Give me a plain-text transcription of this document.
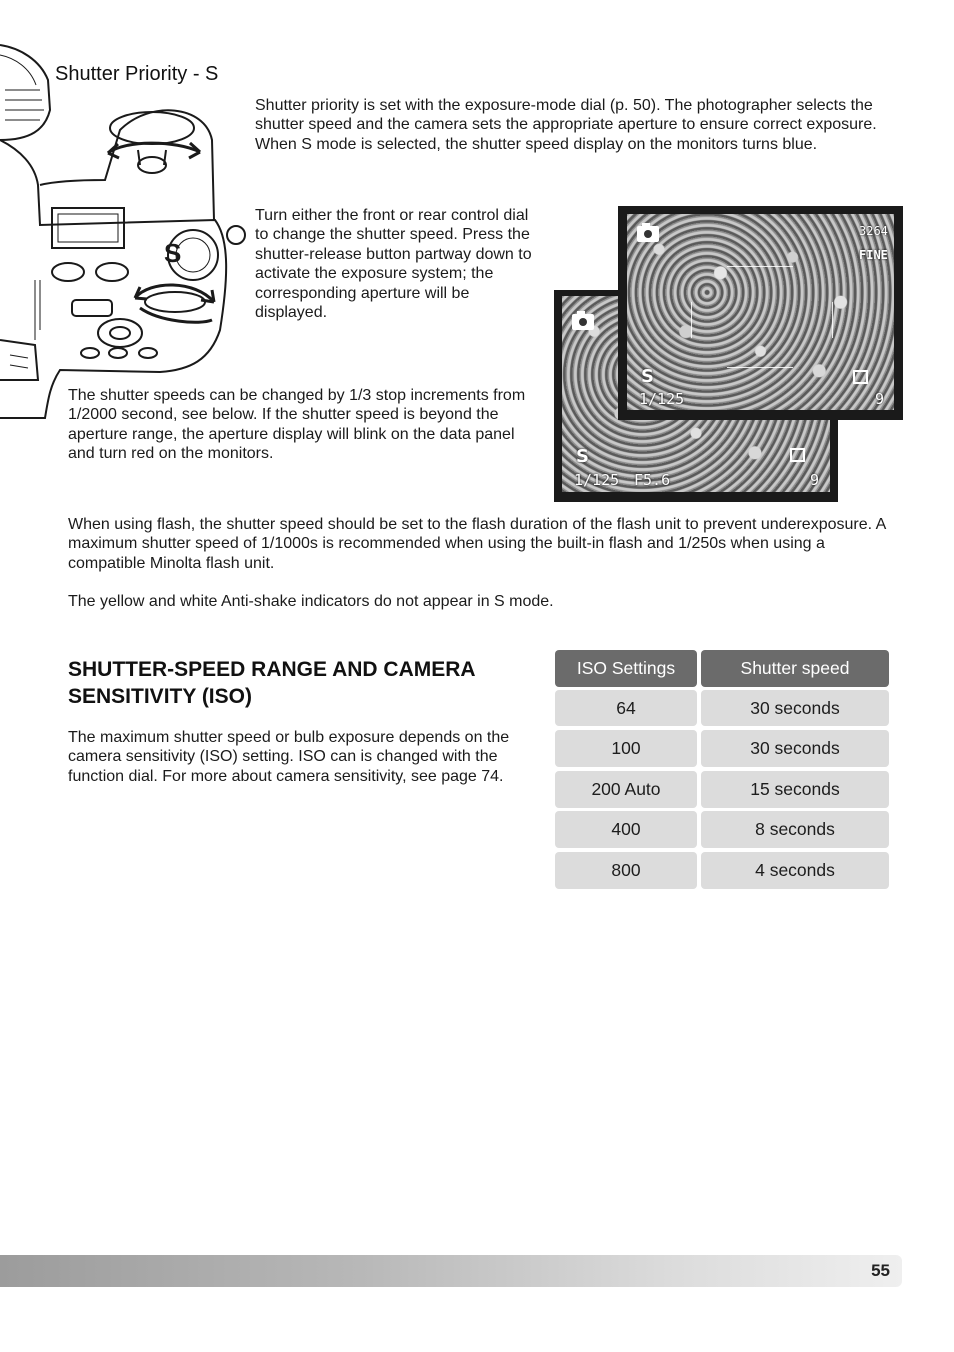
S
Shutter Priority - S

Shutter priority is set with the exposure-mode dial (p. 50). The photographer selects the shutter speed and the camera sets the appropriate aperture to ensure correct exposure. When S mode is selected, the shutter speed display on the monitors turns blue.

Turn either the front or rear control dial to change the shutter speed. Press the shutter-release button partway down to activate the exposure system; the corresponding aperture will be displayed.

The shutter speeds can be changed by 1/3 stop increments from 1/2000 second, see below. If the shutter speed is beyond the aperture range, the aperture display will blink on the data panel and turn red on the monitors.	S
1/125 F5.6	9
3264
FINE
S
1/125	9

When using flash, the shutter speed should be set to the flash duration of the flash unit to prevent underexposure. A maximum shutter speed of 1/1000s is recommended when using the built-in flash and 1/250s when using a compatible Minolta flash unit.

The yellow and white Anti-shake indicators do not appear in S mode.

SHUTTER-SPEED RANGE AND CAMERA SENSITIVITY (ISO)

The maximum shutter speed or bulb exposure depends on the camera sensitivity (ISO) setting. ISO can is changed with the function dial. For more about camera sensitivity, see page 74.

ISO Settings	Shutter speed
64	30 seconds
100	30 seconds
200 Auto	15 seconds
400	8 seconds
800	4 seconds
55
